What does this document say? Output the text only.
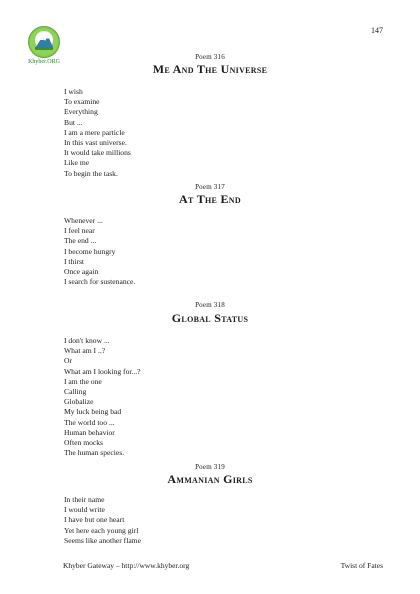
147
Khyber.ORG
Poem 316
Me And The Universe
I wish
To examine
Everything
But ...
I am a mere particle
In this vast universe.
It would take millions
Like me
To begin the task.
Poem 317
At The End
Whenever ...
I feel near
The end ...
I become hungry
I thirst
Once again
I search for sustenance.
Poem 318
Global Status
I don't know ...
What am I ..?
Or
What am I looking for...?
I am the one
Calling
Globalize
My luck being bad
The world too ...
Human behavior
Often mocks
The human species.
Poem 319
Ammanian Girls
In their name
I would write
I have but one heart
Yet here each young girl
Seems like another flame
Khyber Gateway – http://www.khyber.org	Twist of Fates
